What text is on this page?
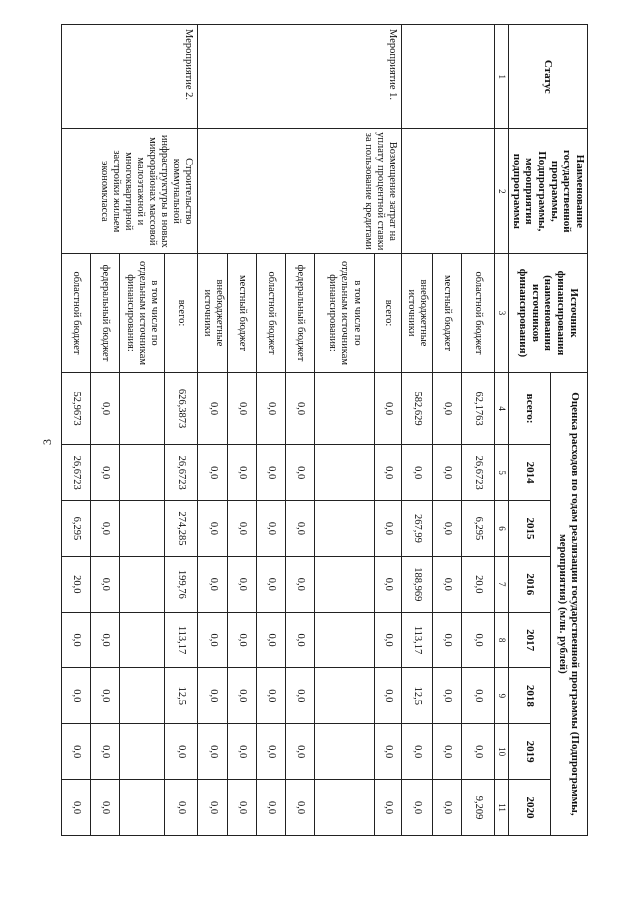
3
Статус	Наименование государственной программы, Подпрограммы, мероприятия подпрограммы	Источник финансирования (наименования источников финансирования)	Оценка расходов по годам реализации государственной программы (Подпрограммы, мероприятия) (млн. рублей)							
			всего:	2014	2015	2016	2017	2018	2019	2020
1	2	3	4	5	6	7	8	9	10	11
		областной бюджет	62,1763	26,6723	6,295	20,0	0,0	0,0	0,0	9,209
		местный бюджет	0,0	0,0	0,0	0,0	0,0	0,0	0,0	0,0
		внебюджетные источники	582,629	0,0	267,99	188,969	113,17	12,5	0,0	0,0
Мероприятие 1.	Возмещение затрат на уплату процентной ставки за пользование кредитами	всего:	0,0	0,0	0,0	0,0	0,0	0,0	0,0	0,0
		в том числе по отдельным источникам финансирования:								
		федеральный бюджет	0,0	0,0	0,0	0,0	0,0	0,0	0,0	0,0
		областной бюджет	0,0	0,0	0,0	0,0	0,0	0,0	0,0	0,0
		местный бюджет	0,0	0,0	0,0	0,0	0,0	0,0	0,0	0,0
		внебюджетные источники	0,0	0,0	0,0	0,0	0,0	0,0	0,0	0,0
Мероприятие 2.	Строительство коммунальной инфраструктуры в новых микрорайонах массовой малоэтажной и многоквартирной застройки жильем экономкласса	всего:	626,3873	26,6723	274,285	199,76	113,17	12,5	0,0	0,0
		в том числе по отдельным источникам финансирования:								
		федеральный бюджет	0,0	0,0	0,0	0,0	0,0	0,0	0,0	0,0
		областной бюджет	52,9673	26,6723	6,295	20,0	0,0	0,0	0,0	0,0
